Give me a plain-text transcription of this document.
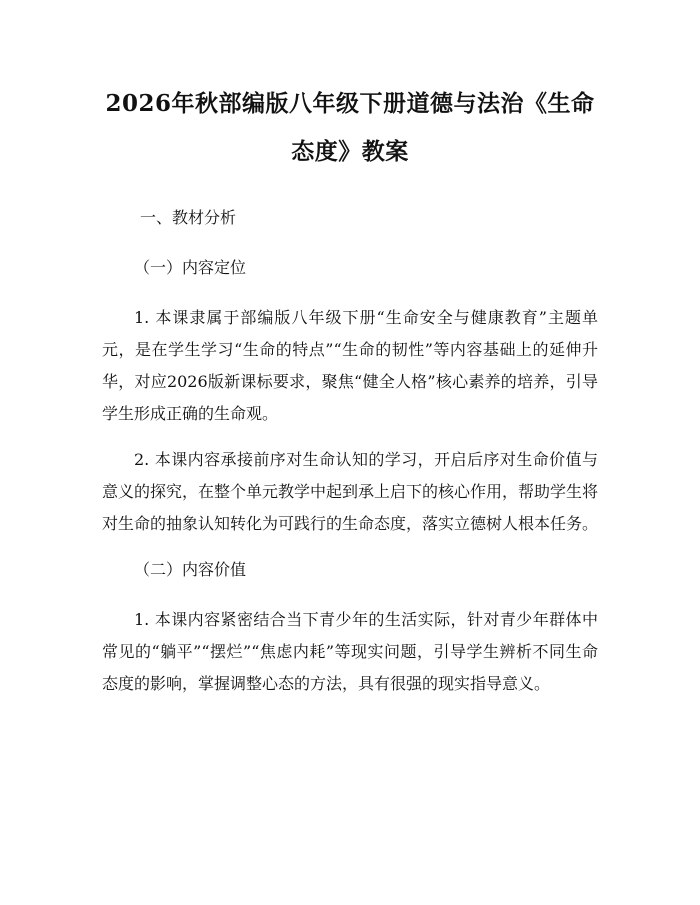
2026年秋部编版八年级下册道德与法治《生命态度》教案
一、教材分析
（一）内容定位

1. 本课隶属于部编版八年级下册“生命安全与健康教育”主题单元，是在学生学习“生命的特点”“生命的韧性”等内容基础上的延伸升华，对应2026版新课标要求，聚焦“健全人格”核心素养的培养，引导学生形成正确的生命观。

2. 本课内容承接前序对生命认知的学习，开启后序对生命价值与意义的探究，在整个单元教学中起到承上启下的核心作用，帮助学生将对生命的抽象认知转化为可践行的生命态度，落实立德树人根本任务。

（二）内容价值

1. 本课内容紧密结合当下青少年的生活实际，针对青少年群体中常见的“躺平”“摆烂”“焦虑内耗”等现实问题，引导学生辨析不同生命态度的影响，掌握调整心态的方法，具有很强的现实指导意义。
